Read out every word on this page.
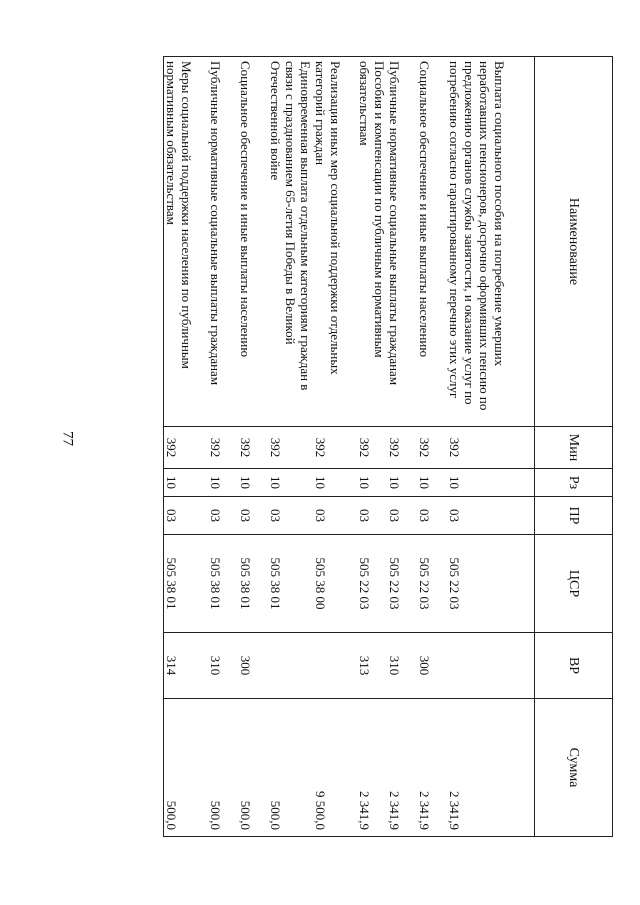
77
Наименование	Мин	Рз	ПР	ЦСР	ВР	Сумма

Выплата социального пособия на погребение умерших неработавших пенсионеров, досрочно оформивших пенсию по предложению органов службы занятости, и оказание услуг по погребению согласно гарантированному перечню этих услуг	392	10	03	505 22 03		2 341,9
Социальное обеспечение и иные выплаты населению	392	10	03	505 22 03	300	2 341,9
Публичные нормативные социальные выплаты гражданам	392	10	03	505 22 03	310	2 341,9
Пособия и компенсации по публичным нормативным обязательствам	392	10	03	505 22 03	313	2 341,9
Реализация иных мер социальной поддержки отдельных категорий граждан	392	10	03	505 38 00		9 500,0
Единовременная выплата отдельным категориям граждан в связи с празднованием 65-летия Победы в Великой Отечественной войне	392	10	03	505 38 01		500,0
Социальное обеспечение и иные выплаты населению	392	10	03	505 38 01	300	500,0
Публичные нормативные социальные выплаты гражданам	392	10	03	505 38 01	310	500,0
Меры социальной поддержки населения по публичным нормативным обязательствам	392	10	03	505 38 01	314	500,0
